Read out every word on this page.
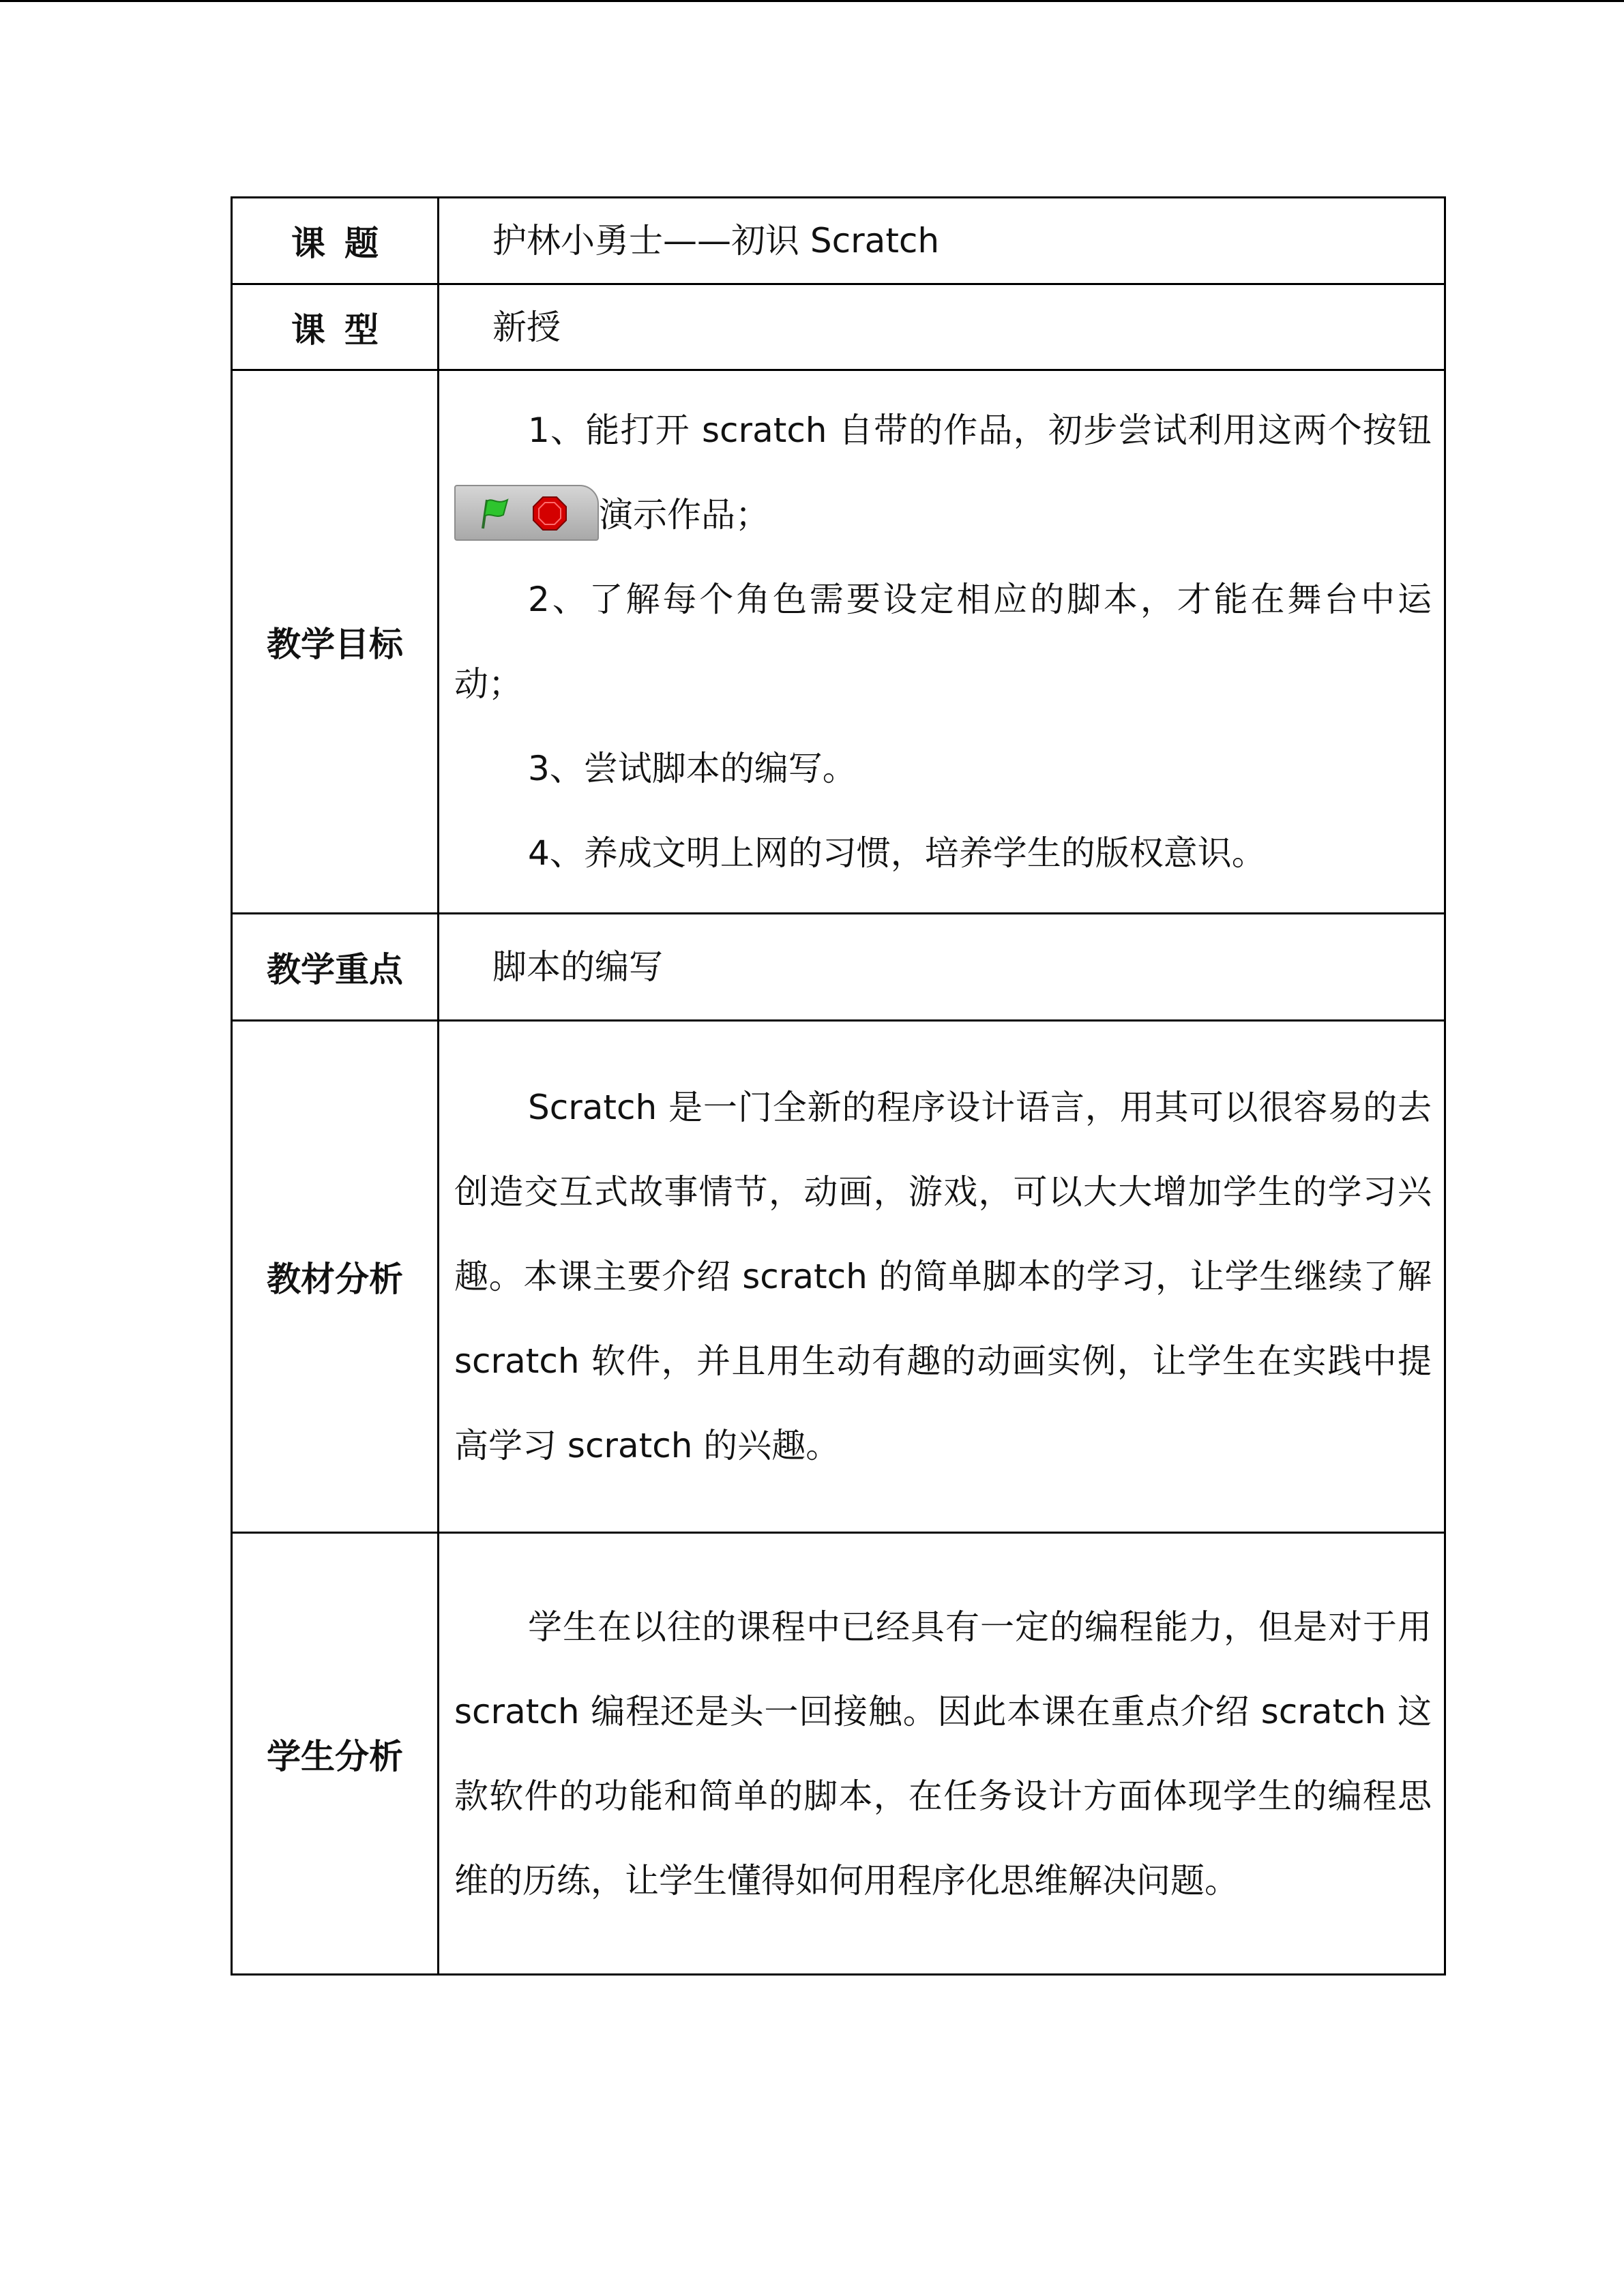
课题	护林小勇士——初识 Scratch
课型	新授
教学目标	1、能打开 scratch 自带的作品，初步尝试利用这两个按钮
演示作品；

2、了解每个角色需要设定相应的脚本，才能在舞台中运动；

3、尝试脚本的编写。

4、养成文明上网的习惯，培养学生的版权意识。

教学重点	脚本的编写
教材分析	Scratch 是一门全新的程序设计语言，用其可以很容易的去创造交互式故事情节，动画，游戏，可以大大增加学生的学习兴趣。本课主要介绍 scratch 的简单脚本的学习，让学生继续了解 scratch 软件，并且用生动有趣的动画实例，让学生在实践中提高学习 scratch 的兴趣。

学生分析	学生在以往的课程中已经具有一定的编程能力，但是对于用 scratch 编程还是头一回接触。因此本课在重点介绍 scratch 这款软件的功能和简单的脚本，在任务设计方面体现学生的编程思维的历练，让学生懂得如何用程序化思维解决问题。
